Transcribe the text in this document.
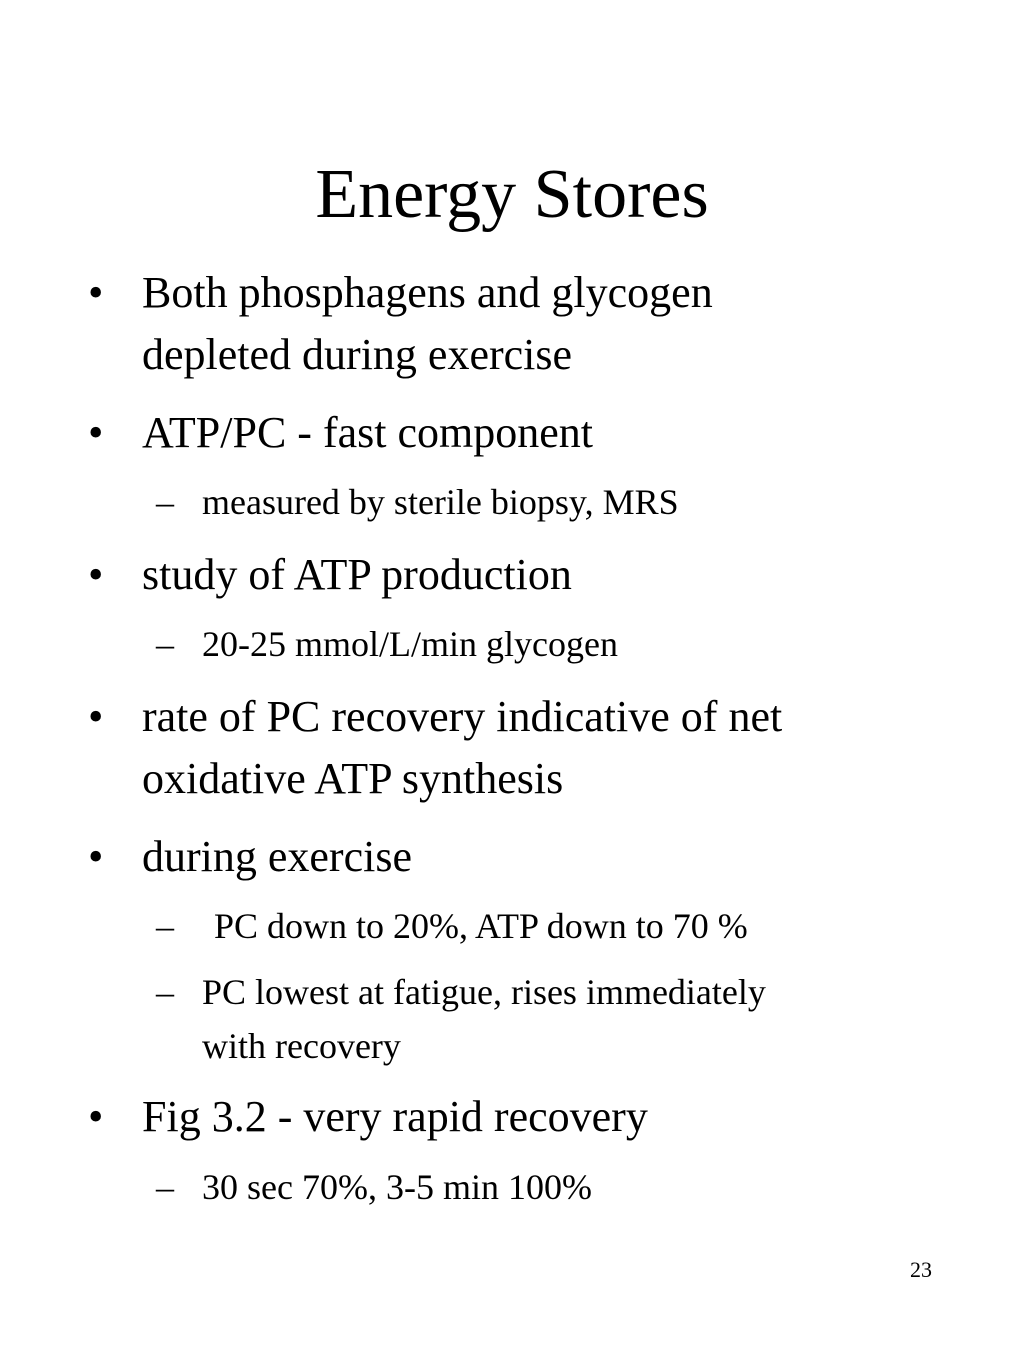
Energy Stores
• Both phosphagens and glycogen
depleted during exercise
• ATP/PC - fast component
– measured by sterile biopsy, MRS
• study of ATP production
– 20-25 mmol/L/min glycogen
• rate of PC recovery indicative of net
oxidative ATP synthesis
• during exercise
– PC down to 20%, ATP down to 70 %
– PC lowest at fatigue, rises immediately
with recovery
• Fig 3.2 - very rapid recovery
– 30 sec 70%, 3-5 min 100%
23
